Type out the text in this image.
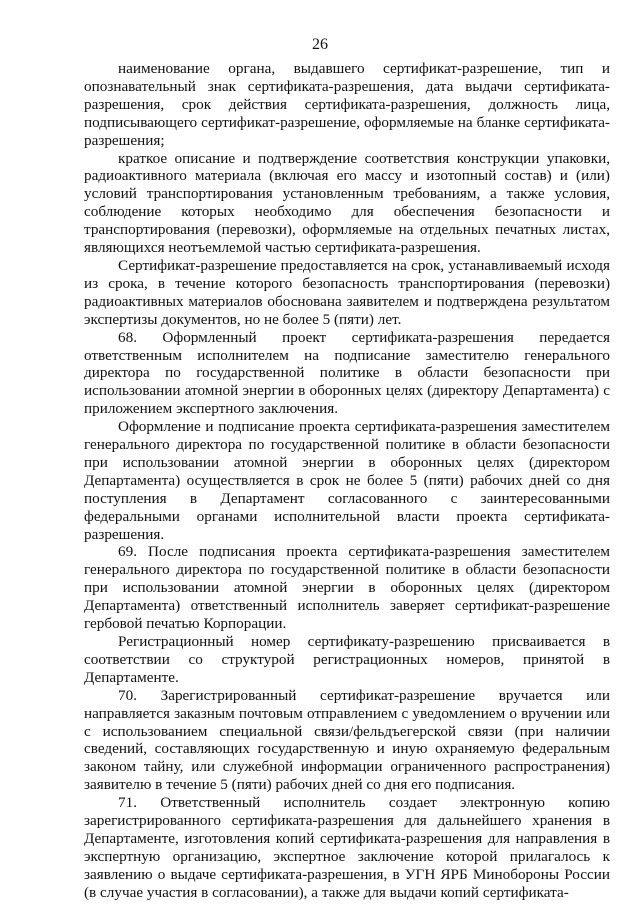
26

наименование органа, выдавшего сертификат-разрешение, тип и опознавательный знак сертификата-разрешения, дата выдачи сертификата-разрешения, срок действия сертификата-разрешения, должность лица, подписывающего сертификат-разрешение, оформляемые на бланке сертификата-разрешения;

краткое описание и подтверждение соответствия конструкции упаковки, радиоактивного материала (включая его массу и изотопный состав) и (или) условий транспортирования установленным требованиям, а также условия, соблюдение которых необходимо для обеспечения безопасности и транспортирования (перевозки), оформляемые на отдельных печатных листах, являющихся неотъемлемой частью сертификата-разрешения.

Сертификат-разрешение предоставляется на срок, устанавливаемый исходя из срока, в течение которого безопасность транспортирования (перевозки) радиоактивных материалов обоснована заявителем и подтверждена результатом экспертизы документов, но не более 5 (пяти) лет.

68. Оформленный проект сертификата-разрешения передается ответственным исполнителем на подписание заместителю генерального директора по государственной политике в области безопасности при использовании атомной энергии в оборонных целях (директору Департамента) с приложением экспертного заключения.

Оформление и подписание проекта сертификата-разрешения заместителем генерального директора по государственной политике в области безопасности при использовании атомной энергии в оборонных целях (директором Департамента) осуществляется в срок не более 5 (пяти) рабочих дней со дня поступления в Департамент согласованного с заинтересованными федеральными органами исполнительной власти проекта сертификата-разрешения.

69. После подписания проекта сертификата-разрешения заместителем генерального директора по государственной политике в области безопасности при использовании атомной энергии в оборонных целях (директором Департамента) ответственный исполнитель заверяет сертификат-разрешение гербовой печатью Корпорации.

Регистрационный номер сертификату-разрешению присваивается в соответствии со структурой регистрационных номеров, принятой в Департаменте.

70. Зарегистрированный сертификат-разрешение вручается или направляется заказным почтовым отправлением с уведомлением о вручении или с использованием специальной связи/фельдъегерской связи (при наличии сведений, составляющих государственную и иную охраняемую федеральным законом тайну, или служебной информации ограниченного распространения) заявителю в течение 5 (пяти) рабочих дней со дня его подписания.

71. Ответственный исполнитель создает электронную копию зарегистрированного сертификата-разрешения для дальнейшего хранения в Департаменте, изготовления копий сертификата-разрешения для направления в экспертную организацию, экспертное заключение которой прилагалось к заявлению о выдаче сертификата-разрешения, в УГН ЯРБ Минобороны России (в случае участия в согласовании), а также для выдачи копий сертификата-
